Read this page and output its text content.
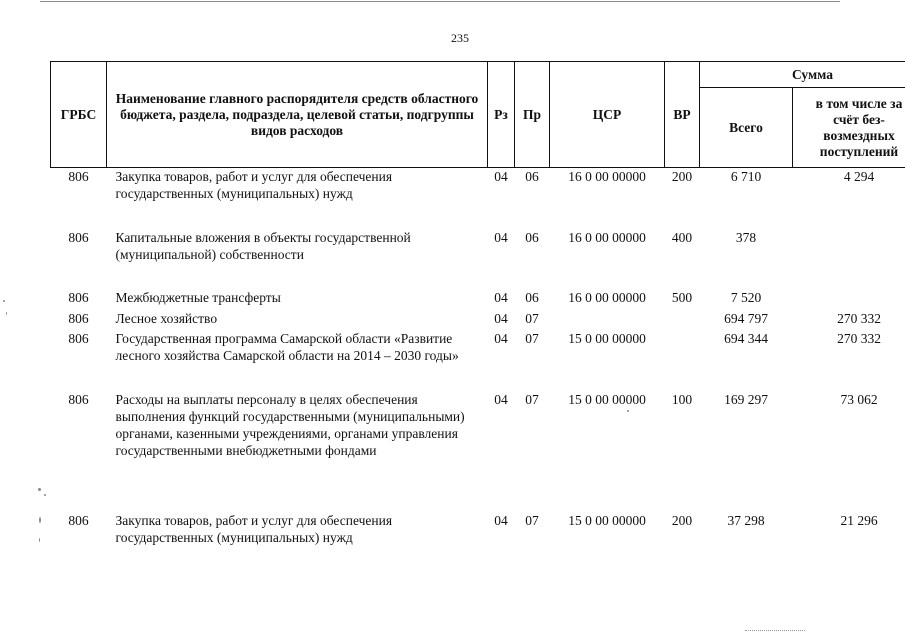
235
ГРБС	Наименование главного распорядителя средств областного бюджета, раздела, подраздела, целевой статьи, подгруппы видов расходов	Рз	Пр	ЦСР	ВР	Сумма	
						Всего	в том числе за счёт без-возмездных поступлений
806	Закупка товаров, работ и услуг для обеспечения государственных (муниципальных) нужд	04	06	16 0 00 00000	200	6 710	4 294
806	Капитальные вложения в объекты государственной (муниципальной) собственности	04	06	16 0 00 00000	400	378	
806	Межбюджетные трансферты	04	06	16 0 00 00000	500	7 520	
806	Лесное хозяйство	04	07			694 797	270 332
806	Государственная программа Самарской области «Развитие лесного хозяйства Самарской области на 2014 – 2030 годы»	04	07	15 0 00 00000		694 344	270 332
806	Расходы на выплаты персоналу в целях обеспечения выполнения функций государственными (муниципальными) органами, казенными учреждениями, органами управления государственными внебюджетными фондами	04	07	15 0 00 00000	100	169 297	73 062
806	Закупка товаров, работ и услуг для обеспечения государственных (муниципальных) нужд	04	07	15 0 00 00000	200	37 298	21 296
